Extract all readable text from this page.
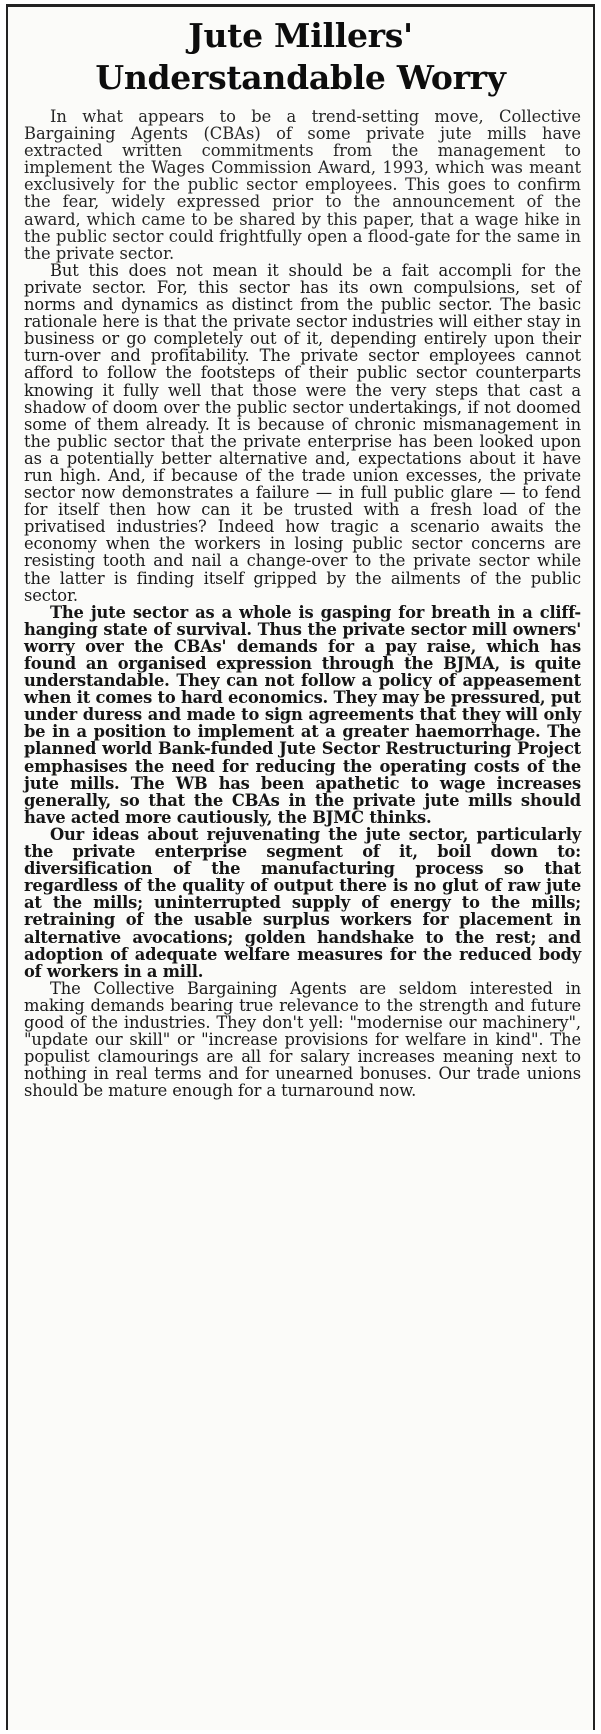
Jute Millers'
Understandable Worry

In what appears to be a trend-setting move, Collective Bargaining Agents (CBAs) of some private jute mills have extracted written commitments from the management to implement the Wages Commission Award, 1993, which was meant exclusively for the public sector employees. This goes to confirm the fear, widely expressed prior to the announcement of the award, which came to be shared by this paper, that a wage hike in the public sector could frightfully open a flood-gate for the same in the private sector.

But this does not mean it should be a fait accompli for the private sector. For, this sector has its own compulsions, set of norms and dynamics as distinct from the public sector. The basic rationale here is that the private sector industries will either stay in business or go completely out of it, depending entirely upon their turn-over and profitability. The private sector employees cannot afford to follow the footsteps of their public sector counterparts knowing it fully well that those were the very steps that cast a shadow of doom over the public sector undertakings, if not doomed some of them already. It is because of chronic mismanagement in the public sector that the private enterprise has been looked upon as a potentially better alternative and, expectations about it have run high. And, if because of the trade union excesses, the private sector now demonstrates a failure — in full public glare — to fend for itself then how can it be trusted with a fresh load of the privatised industries? Indeed how tragic a scenario awaits the economy when the workers in losing public sector concerns are resisting tooth and nail a change-over to the private sector while the latter is finding itself gripped by the ailments of the public sector.

The jute sector as a whole is gasping for breath in a cliff-hanging state of survival. Thus the private sector mill owners' worry over the CBAs' demands for a pay raise, which has found an organised expression through the BJMA, is quite understandable. They can not follow a policy of appeasement when it comes to hard economics. They may be pressured, put under duress and made to sign agreements that they will only be in a position to implement at a greater haemorrhage. The planned world Bank-funded Jute Sector Restructuring Project emphasises the need for reducing the operating costs of the jute mills. The WB has been apathetic to wage increases generally, so that the CBAs in the private jute mills should have acted more cautiously, the BJMC thinks.

Our ideas about rejuvenating the jute sector, particularly the private enterprise segment of it, boil down to: diversification of the manufacturing process so that regardless of the quality of output there is no glut of raw jute at the mills; uninterrupted supply of energy to the mills; retraining of the usable surplus workers for placement in alternative avocations; golden handshake to the rest; and adoption of adequate welfare measures for the reduced body of workers in a mill.

The Collective Bargaining Agents are seldom interested in making demands bearing true relevance to the strength and future good of the industries. They don't yell: "modernise our machinery", "update our skill" or "increase provisions for welfare in kind". The populist clamourings are all for salary increases meaning next to nothing in real terms and for unearned bonuses. Our trade unions should be mature enough for a turnaround now.
